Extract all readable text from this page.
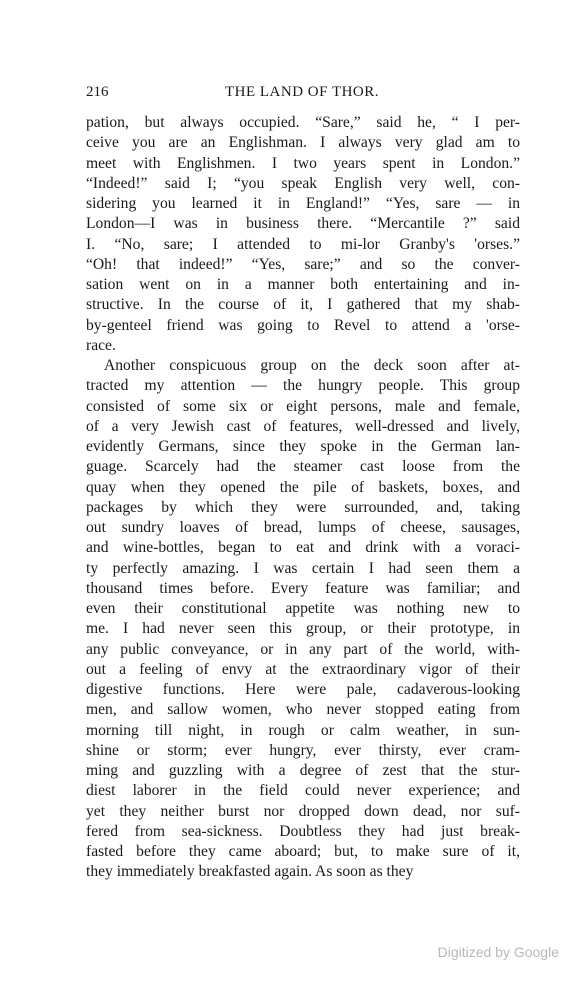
216	THE LAND OF THOR.
pation, but always occupied. “Sare,” said he, “ I per-
ceive you are an Englishman. I always very glad am to
meet with Englishmen. I two years spent in London.”
“Indeed!” said I; “you speak English very well, con-
sidering you learned it in England!” “Yes, sare — in
London—I was in business there. “Mercantile ?” said
I. “No, sare; I attended to mi-lor Granby's 'orses.”
“Oh! that indeed!” “Yes, sare;” and so the conver-
sation went on in a manner both entertaining and in-
structive. In the course of it, I gathered that my shab-
by-genteel friend was going to Revel to attend a 'orse-
race.
Another conspicuous group on the deck soon after at-
tracted my attention — the hungry people. This group
consisted of some six or eight persons, male and female,
of a very Jewish cast of features, well-dressed and lively,
evidently Germans, since they spoke in the German lan-
guage. Scarcely had the steamer cast loose from the
quay when they opened the pile of baskets, boxes, and
packages by which they were surrounded, and, taking
out sundry loaves of bread, lumps of cheese, sausages,
and wine-bottles, began to eat and drink with a voraci-
ty perfectly amazing. I was certain I had seen them a
thousand times before. Every feature was familiar; and
even their constitutional appetite was nothing new to
me. I had never seen this group, or their prototype, in
any public conveyance, or in any part of the world, with-
out a feeling of envy at the extraordinary vigor of their
digestive functions. Here were pale, cadaverous-looking
men, and sallow women, who never stopped eating from
morning till night, in rough or calm weather, in sun-
shine or storm; ever hungry, ever thirsty, ever cram-
ming and guzzling with a degree of zest that the stur-
diest laborer in the field could never experience; and
yet they neither burst nor dropped down dead, nor suf-
fered from sea-sickness. Doubtless they had just break-
fasted before they came aboard; but, to make sure of it,
they immediately breakfasted again. As soon as they
Digitized by Google
